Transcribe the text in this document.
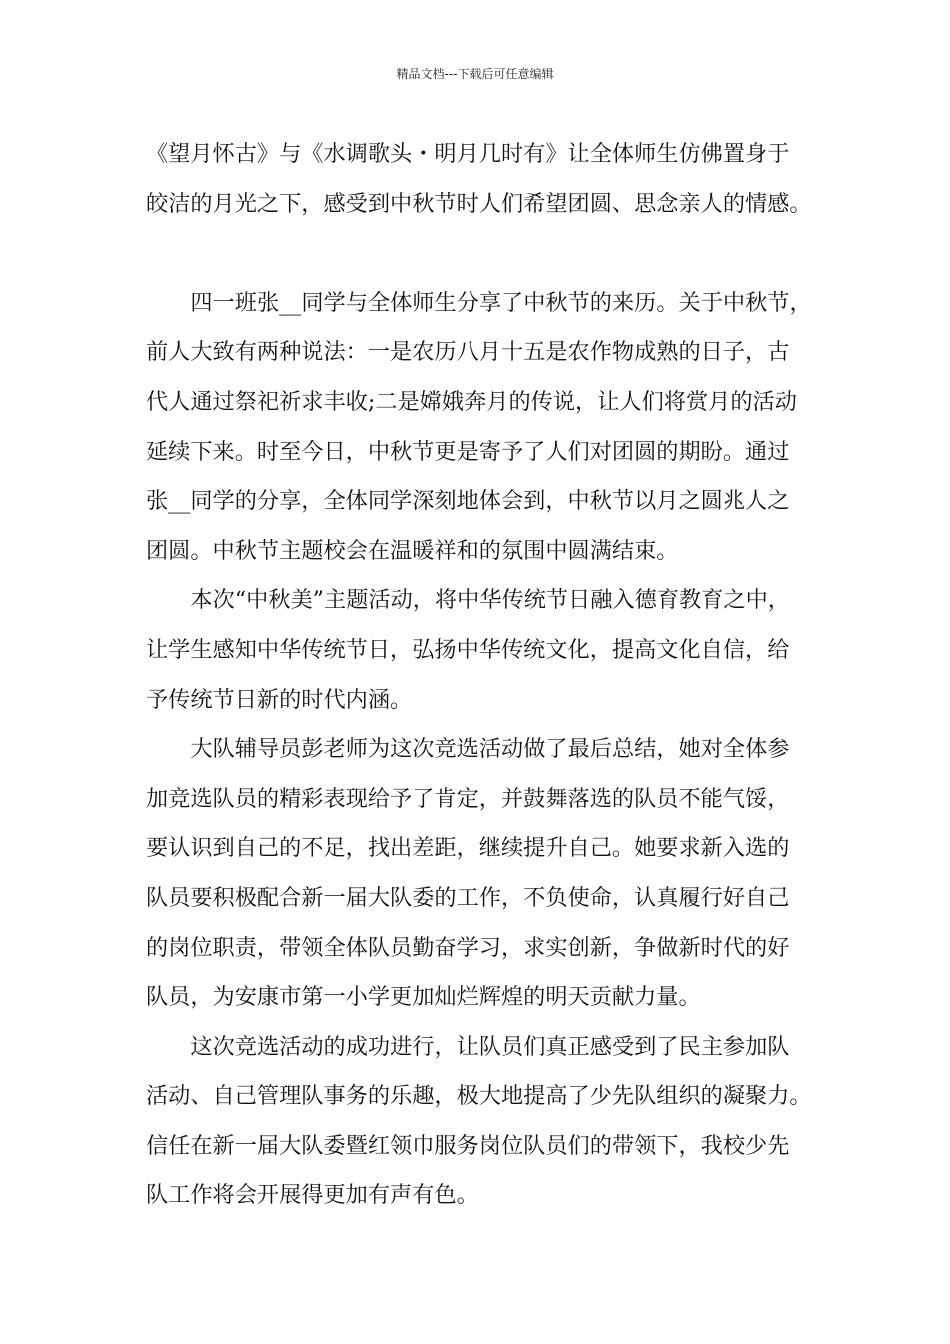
精品文档---下载后可任意编辑
《望月怀古》与《水调歌头・明月几时有》让全体师生仿佛置身于
皎洁的月光之下，感受到中秋节时人们希望团圆、思念亲人的情感。
四一班张__同学与全体师生分享了中秋节的来历。关于中秋节，
前人大致有两种说法：一是农历八月十五是农作物成熟的日子，古
代人通过祭祀祈求丰收;二是嫦娥奔月的传说，让人们将赏月的活动
延续下来。时至今日，中秋节更是寄予了人们对团圆的期盼。通过
张__同学的分享，全体同学深刻地体会到，中秋节以月之圆兆人之
团圆。中秋节主题校会在温暖祥和的氛围中圆满结束。
本次“中秋美”主题活动，将中华传统节日融入德育教育之中，
让学生感知中华传统节日，弘扬中华传统文化，提高文化自信，给
予传统节日新的时代内涵。
大队辅导员彭老师为这次竞选活动做了最后总结，她对全体参
加竞选队员的精彩表现给予了肯定，并鼓舞落选的队员不能气馁，
要认识到自己的不足，找出差距，继续提升自己。她要求新入选的
队员要积极配合新一届大队委的工作，不负使命，认真履行好自己
的岗位职责，带领全体队员勤奋学习，求实创新，争做新时代的好
队员，为安康市第一小学更加灿烂辉煌的明天贡献力量。
这次竞选活动的成功进行，让队员们真正感受到了民主参加队
活动、自己管理队事务的乐趣，极大地提高了少先队组织的凝聚力。
信任在新一届大队委暨红领巾服务岗位队员们的带领下，我校少先
队工作将会开展得更加有声有色。
